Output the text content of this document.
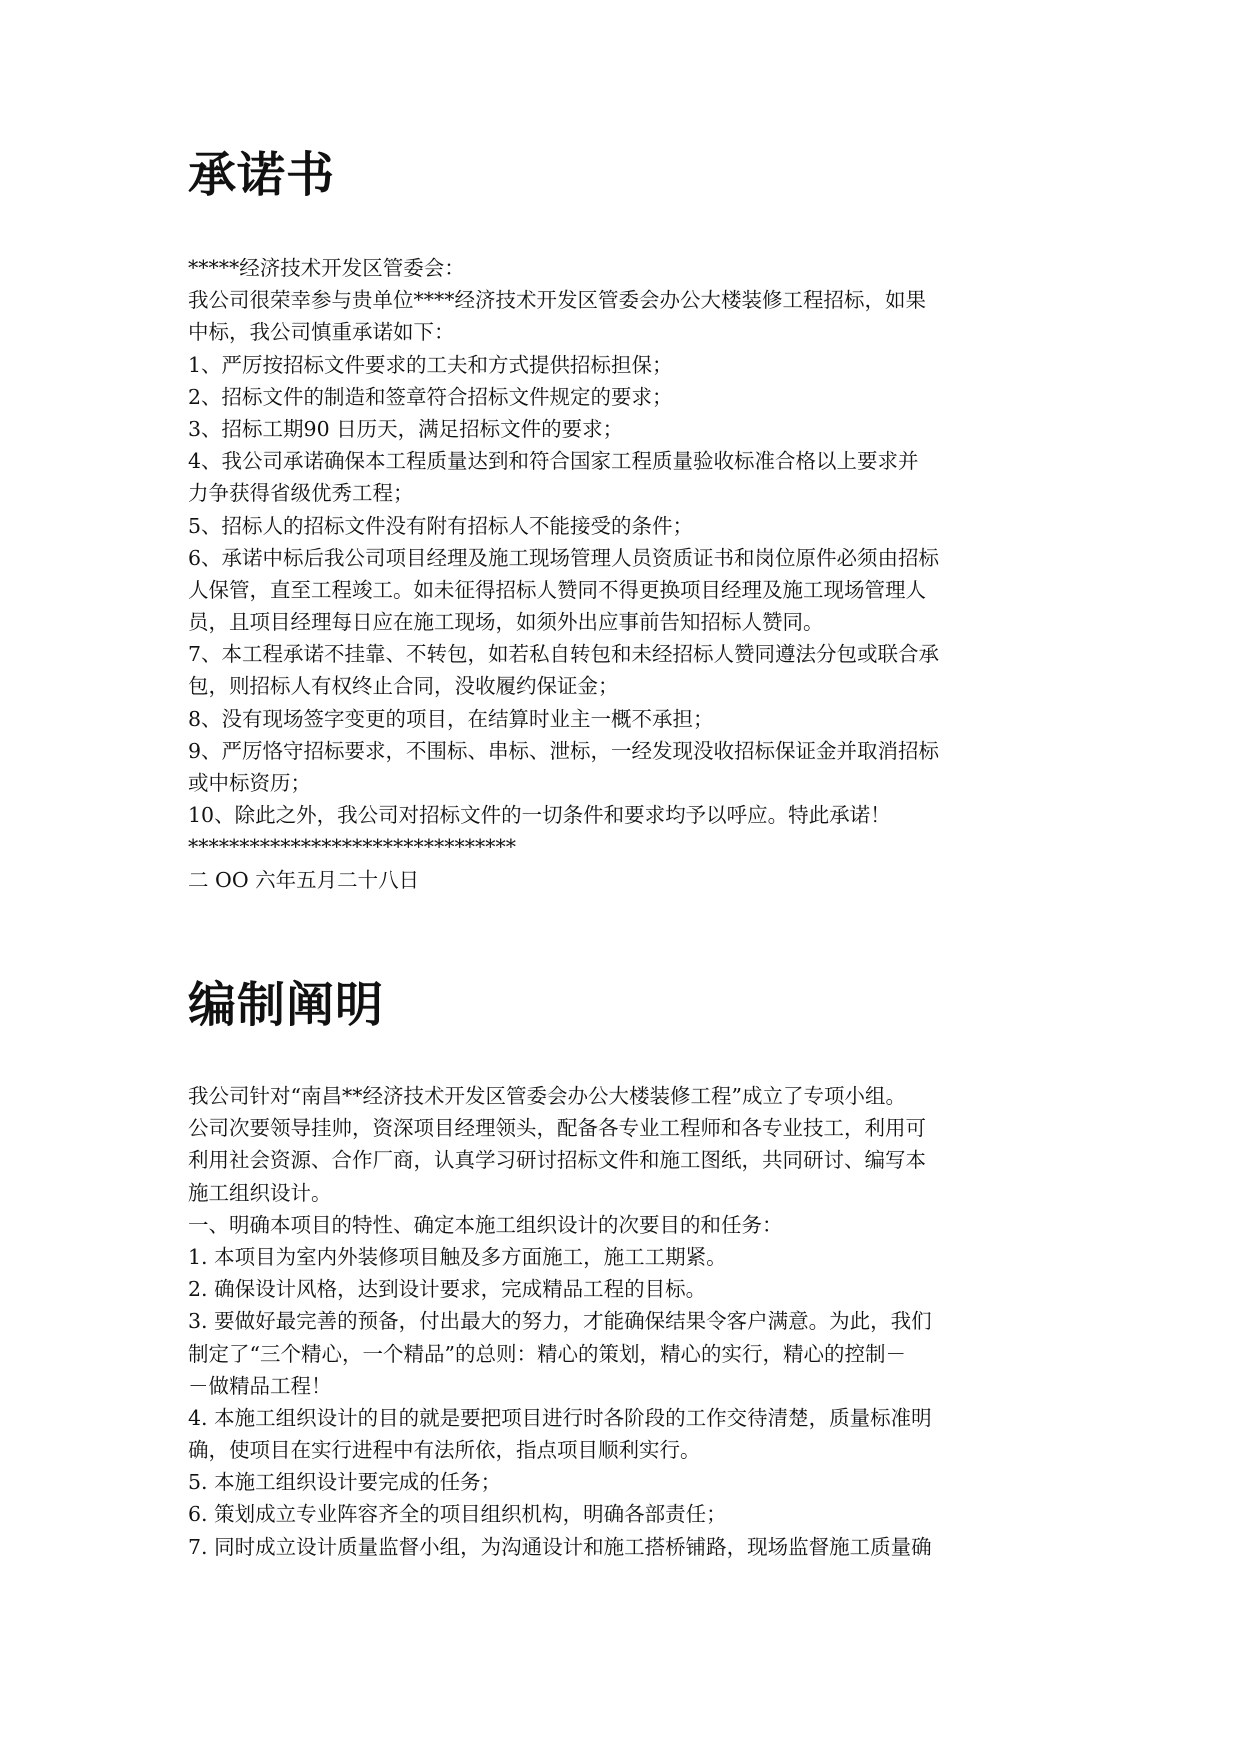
承诺书
*****经济技术开发区管委会：
我公司很荣幸参与贵单位****经济技术开发区管委会办公大楼装修工程招标，如果
中标，我公司慎重承诺如下：
1、严厉按招标文件要求的工夫和方式提供招标担保；
2、招标文件的制造和签章符合招标文件规定的要求；
3、招标工期90 日历天，满足招标文件的要求；
4、我公司承诺确保本工程质量达到和符合国家工程质量验收标准合格以上要求并
力争获得省级优秀工程；
5、招标人的招标文件没有附有招标人不能接受的条件；
6、承诺中标后我公司项目经理及施工现场管理人员资质证书和岗位原件必须由招标
人保管，直至工程竣工。如未征得招标人赞同不得更换项目经理及施工现场管理人
员，且项目经理每日应在施工现场，如须外出应事前告知招标人赞同。
7、本工程承诺不挂靠、不转包，如若私自转包和未经招标人赞同遵法分包或联合承
包，则招标人有权终止合同，没收履约保证金；
8、没有现场签字变更的项目，在结算时业主一概不承担；
9、严厉恪守招标要求，不围标、串标、泄标，一经发现没收招标保证金并取消招标
或中标资历；
10、除此之外，我公司对招标文件的一切条件和要求均予以呼应。特此承诺！
********************************
二 OO 六年五月二十八日
编制阐明
我公司针对“南昌**经济技术开发区管委会办公大楼装修工程”成立了专项小组。
公司次要领导挂帅，资深项目经理领头，配备各专业工程师和各专业技工，利用可
利用社会资源、合作厂商，认真学习研讨招标文件和施工图纸，共同研讨、编写本
施工组织设计。
一、明确本项目的特性、确定本施工组织设计的次要目的和任务：
1. 本项目为室内外装修项目触及多方面施工，施工工期紧。
2. 确保设计风格，达到设计要求，完成精品工程的目标。
3. 要做好最完善的预备，付出最大的努力，才能确保结果令客户满意。为此，我们
制定了“三个精心，一个精品”的总则：精心的策划，精心的实行，精心的控制－
－做精品工程！
4. 本施工组织设计的目的就是要把项目进行时各阶段的工作交待清楚，质量标准明
确，使项目在实行进程中有法所依，指点项目顺利实行。
5. 本施工组织设计要完成的任务；
6. 策划成立专业阵容齐全的项目组织机构，明确各部责任；
7. 同时成立设计质量监督小组，为沟通设计和施工搭桥铺路，现场监督施工质量确
